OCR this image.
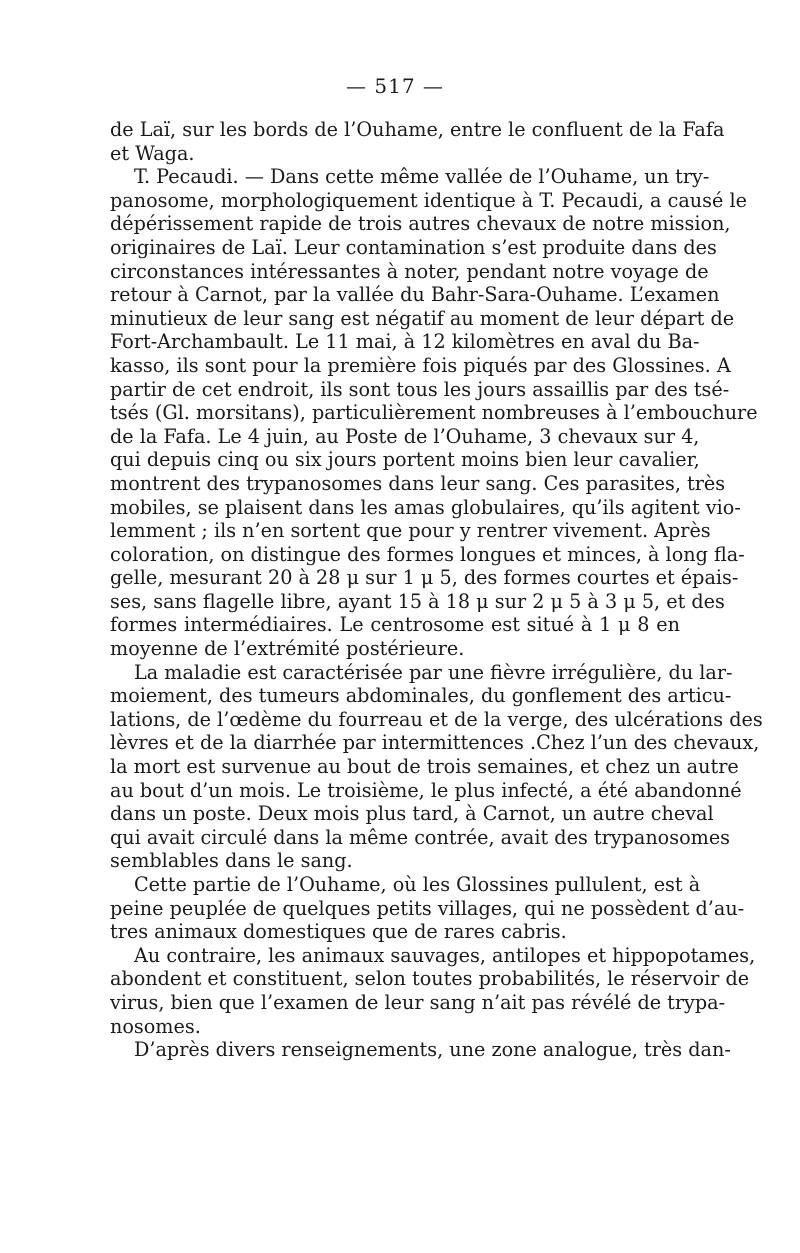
— 517 —

de Laï, sur les bords de l’Ouhame, entre le confluent de la Fafa
et Waga.

T. Pecaudi. — Dans cette même vallée de l’Ouhame, un try-
panosome, morphologiquement identique à T. Pecaudi, a causé le
dépérissement rapide de trois autres chevaux de notre mission,
originaires de Laï. Leur contamination s’est produite dans des
circonstances intéressantes à noter, pendant notre voyage de
retour à Carnot, par la vallée du Bahr-Sara-Ouhame. L’examen
minutieux de leur sang est négatif au moment de leur départ de
Fort-Archambault. Le 11 mai, à 12 kilomètres en aval du Ba-
kasso, ils sont pour la première fois piqués par des Glossines. A
partir de cet endroit, ils sont tous les jours assaillis par des tsé-
tsés (Gl. morsitans), particulièrement nombreuses à l’embouchure
de la Fafa. Le 4 juin, au Poste de l’Ouhame, 3 chevaux sur 4,
qui depuis cinq ou six jours portent moins bien leur cavalier,
montrent des trypanosomes dans leur sang. Ces parasites, très
mobiles, se plaisent dans les amas globulaires, qu’ils agitent vio-
lemment ; ils n’en sortent que pour y rentrer vivement. Après
coloration, on distingue des formes longues et minces, à long fla-
gelle, mesurant 20 à 28 μ sur 1 μ 5, des formes courtes et épais-
ses, sans flagelle libre, ayant 15 à 18 μ sur 2 μ 5 à 3 μ 5, et des
formes intermédiaires. Le centrosome est situé à 1 μ 8 en
moyenne de l’extrémité postérieure.

La maladie est caractérisée par une fièvre irrégulière, du lar-
moiement, des tumeurs abdominales, du gonflement des articu-
lations, de l’œdème du fourreau et de la verge, des ulcérations des
lèvres et de la diarrhée par intermittences .Chez l’un des chevaux,
la mort est survenue au bout de trois semaines, et chez un autre
au bout d’un mois. Le troisième, le plus infecté, a été abandonné
dans un poste. Deux mois plus tard, à Carnot, un autre cheval
qui avait circulé dans la même contrée, avait des trypanosomes
semblables dans le sang.

Cette partie de l’Ouhame, où les Glossines pullulent, est à
peine peuplée de quelques petits villages, qui ne possèdent d’au-
tres animaux domestiques que de rares cabris.

Au contraire, les animaux sauvages, antilopes et hippopotames,
abondent et constituent, selon toutes probabilités, le réservoir de
virus, bien que l’examen de leur sang n’ait pas révélé de trypa-
nosomes.

D’après divers renseignements, une zone analogue, très dan-
